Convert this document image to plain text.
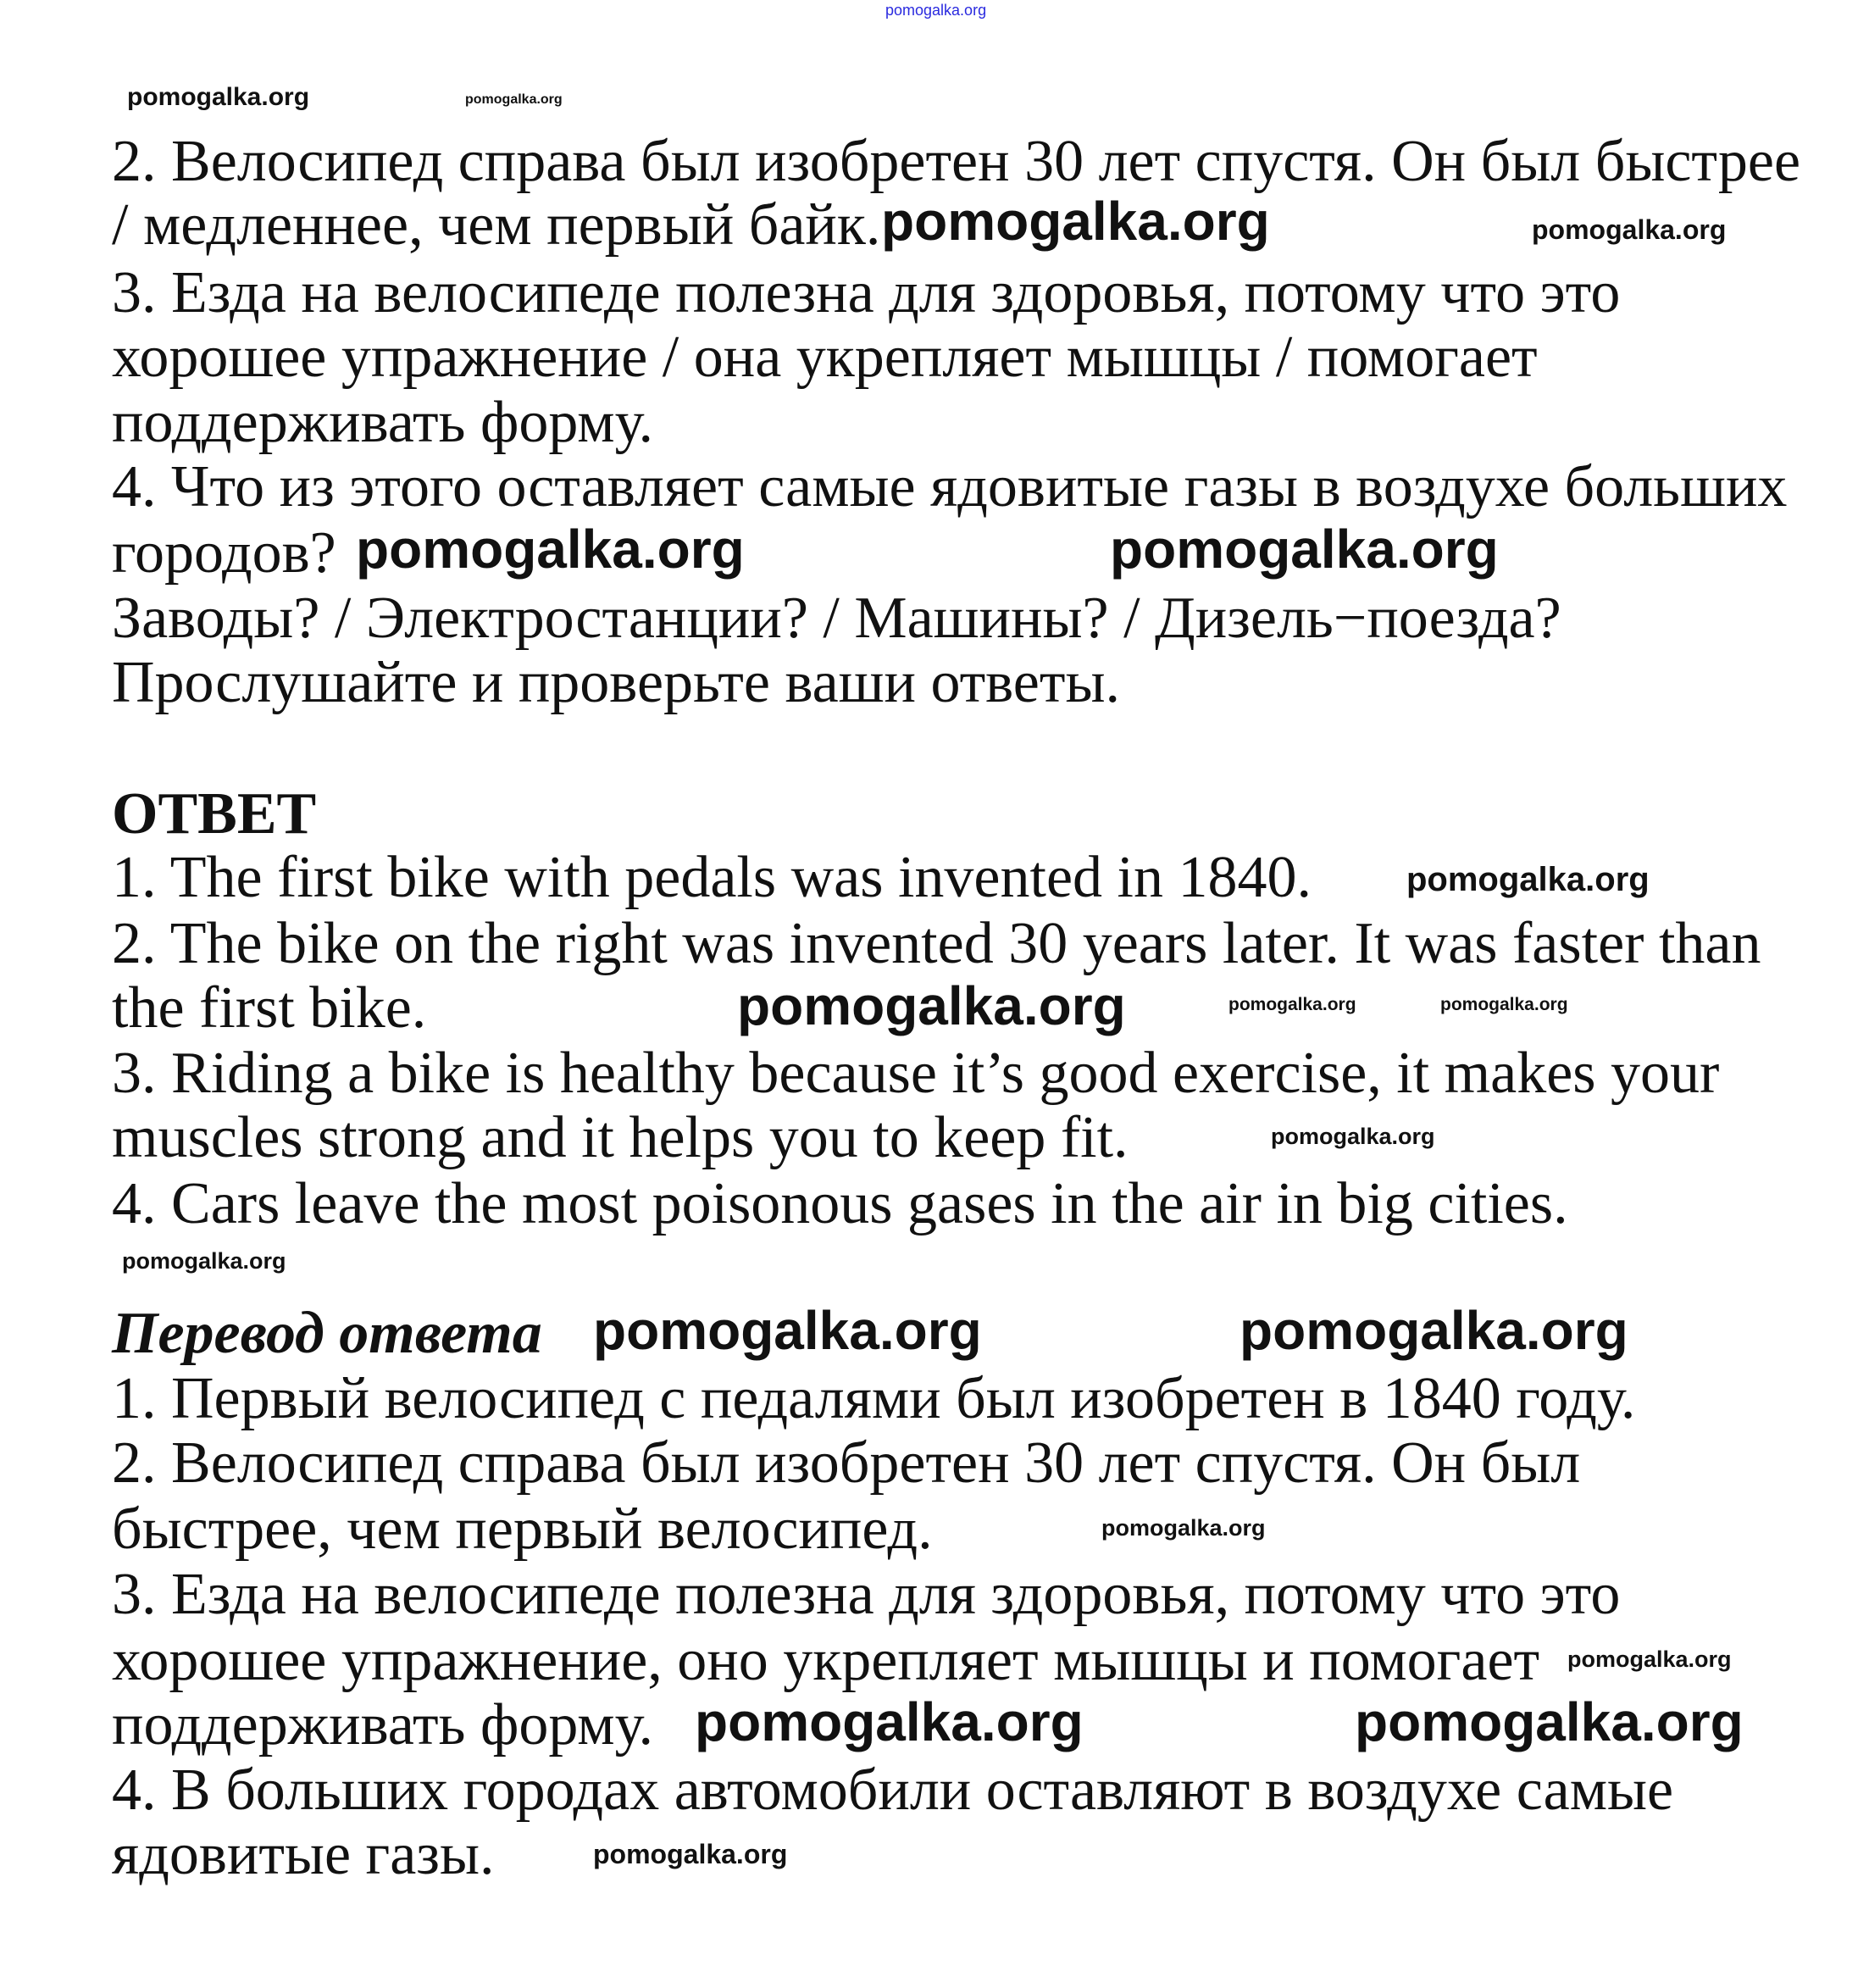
pomogalka.org
2. Велосипед справа был изобретен 30 лет спустя. Он был быстрее
/ медленнее, чем первый байк.
3. Езда на велосипеде полезна для здоровья, потому что это
хорошее упражнение / она укрепляет мышцы / помогает
поддерживать форму.
4. Что из этого оставляет самые ядовитые газы в воздухе больших
городов?
Заводы? / Электростанции? / Машины? / Дизель−поезда?
Прослушайте и проверьте ваши ответы.
ОТВЕТ
1. The first bike with pedals was invented in 1840.
2. The bike on the right was invented 30 years later. It was faster than
the first bike.
3. Riding a bike is healthy because it’s good exercise, it makes your
muscles strong and it helps you to keep fit.
4. Cars leave the most poisonous gases in the air in big cities.
Перевод ответа
1. Первый велосипед с педалями был изобретен в 1840 году.
2. Велосипед справа был изобретен 30 лет спустя. Он был
быстрее, чем первый велосипед.
3. Езда на велосипеде полезна для здоровья, потому что это
хорошее упражнение, оно укрепляет мышцы и помогает
поддерживать форму.
4. В больших городах автомобили оставляют в воздухе самые
ядовитые газы.
pomogalka.org
pomogalka.org	pomogalka.org
pomogalka.org
pomogalka.org	pomogalka.org
pomogalka.org	pomogalka.org
pomogalka.org	pomogalka.org
pomogalka.org
pomogalka.org
pomogalka.org	pomogalka.org
pomogalka.org
pomogalka.org
pomogalka.org
pomogalka.org
pomogalka.org
